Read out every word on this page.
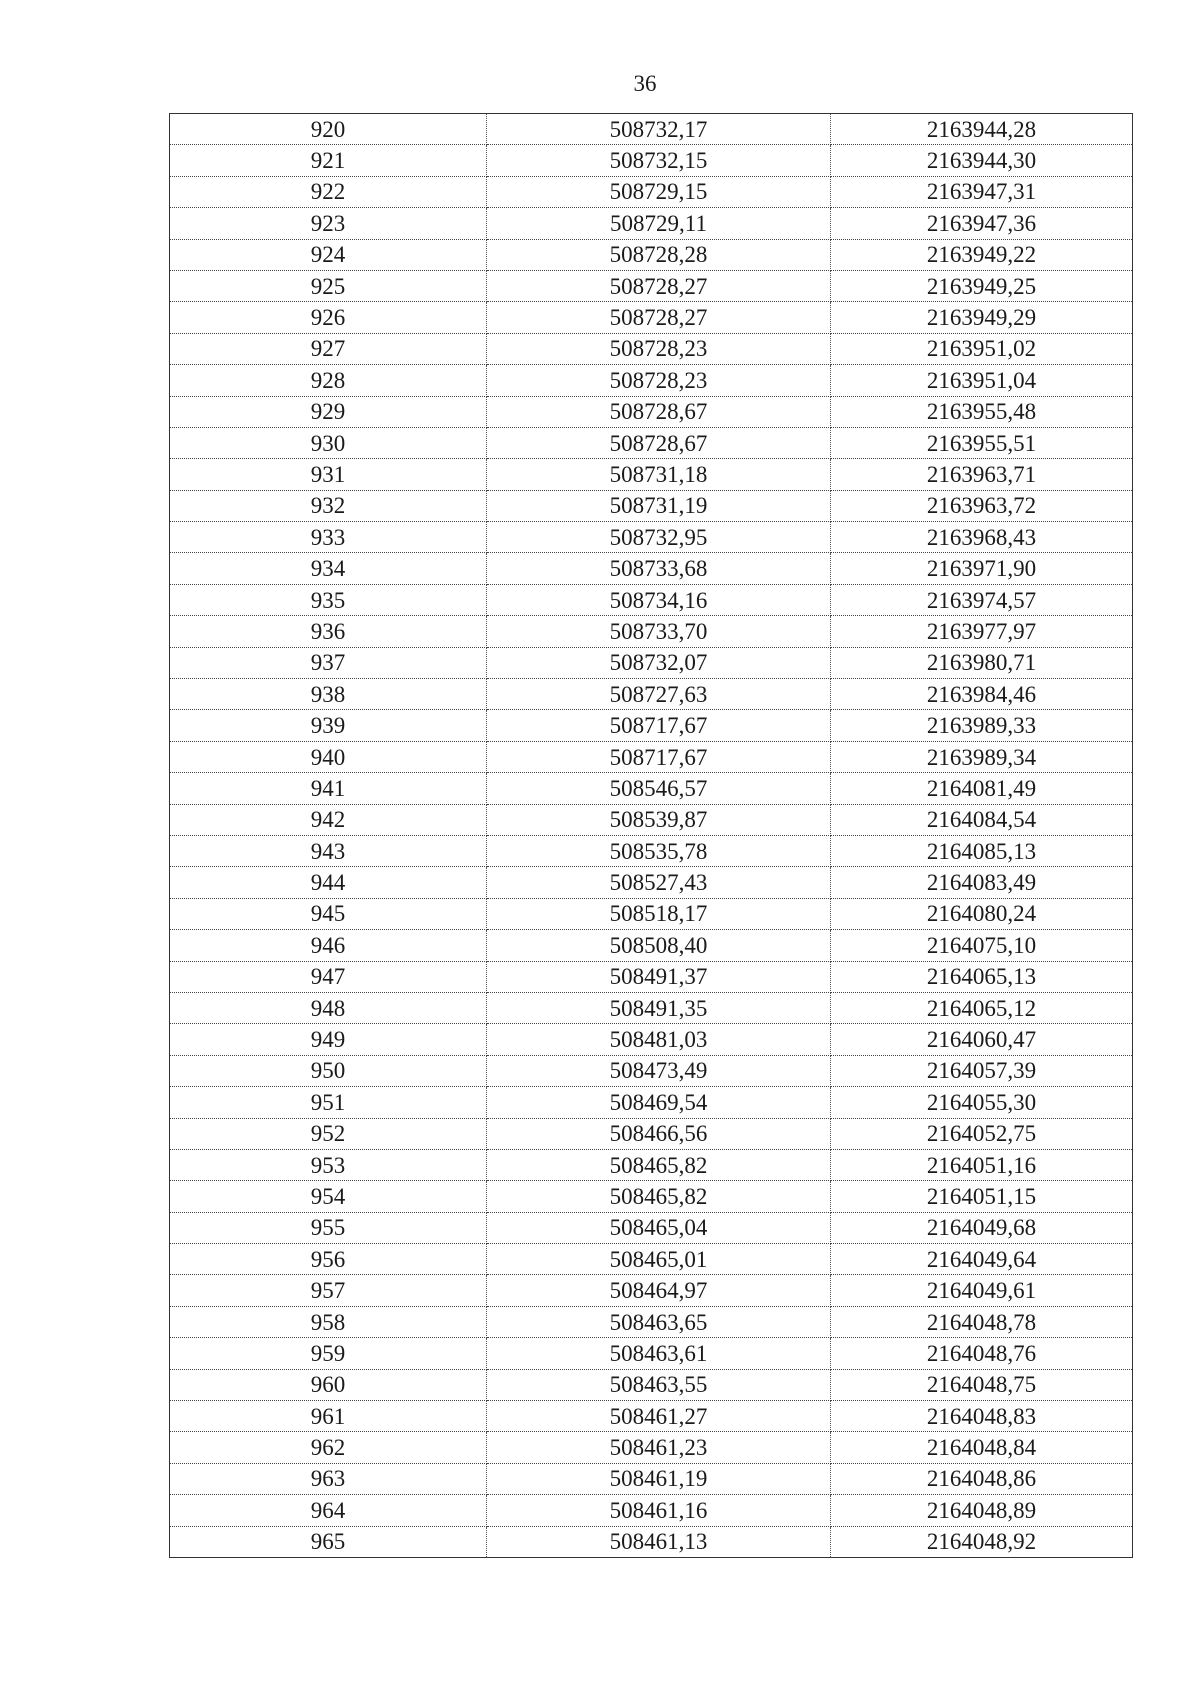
36
920	508732,17	2163944,28
921	508732,15	2163944,30
922	508729,15	2163947,31
923	508729,11	2163947,36
924	508728,28	2163949,22
925	508728,27	2163949,25
926	508728,27	2163949,29
927	508728,23	2163951,02
928	508728,23	2163951,04
929	508728,67	2163955,48
930	508728,67	2163955,51
931	508731,18	2163963,71
932	508731,19	2163963,72
933	508732,95	2163968,43
934	508733,68	2163971,90
935	508734,16	2163974,57
936	508733,70	2163977,97
937	508732,07	2163980,71
938	508727,63	2163984,46
939	508717,67	2163989,33
940	508717,67	2163989,34
941	508546,57	2164081,49
942	508539,87	2164084,54
943	508535,78	2164085,13
944	508527,43	2164083,49
945	508518,17	2164080,24
946	508508,40	2164075,10
947	508491,37	2164065,13
948	508491,35	2164065,12
949	508481,03	2164060,47
950	508473,49	2164057,39
951	508469,54	2164055,30
952	508466,56	2164052,75
953	508465,82	2164051,16
954	508465,82	2164051,15
955	508465,04	2164049,68
956	508465,01	2164049,64
957	508464,97	2164049,61
958	508463,65	2164048,78
959	508463,61	2164048,76
960	508463,55	2164048,75
961	508461,27	2164048,83
962	508461,23	2164048,84
963	508461,19	2164048,86
964	508461,16	2164048,89
965	508461,13	2164048,92
